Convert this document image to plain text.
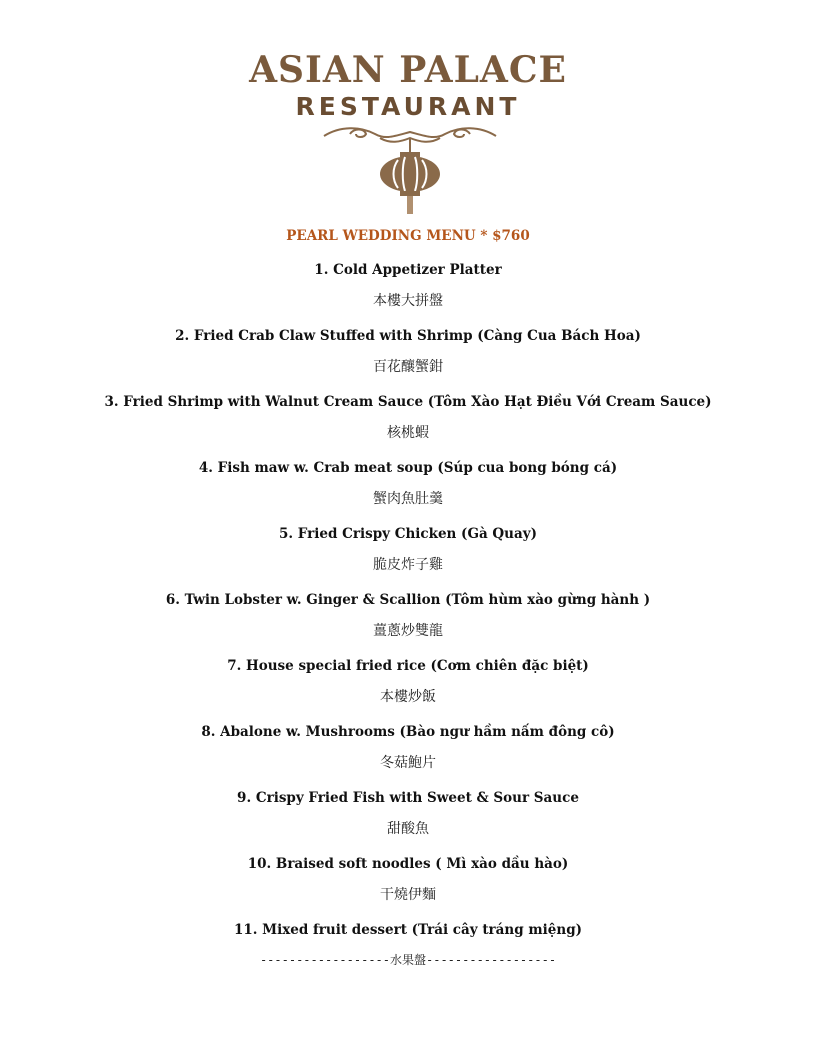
ASIAN PALACE
RESTAURANT
PEARL WEDDING MENU * $760
1. Cold Appetizer Platter
本樓大拼盤
2. Fried Crab Claw Stuffed with Shrimp (Càng Cua Bách Hoa)
百花釀蟹鉗
3. Fried Shrimp with Walnut Cream Sauce (Tôm Xào Hạt Điều Với Cream Sauce)
核桃蝦
4. Fish maw w. Crab meat soup (Súp cua bong bóng cá)
蟹肉魚肚羹
5. Fried Crispy Chicken (Gà Quay)
脆皮炸子雞
6. Twin Lobster w. Ginger & Scallion (Tôm hùm xào gừng hành )
薑蔥炒雙龍
7. House special fried rice (Cơm chiên đặc biệt)
本樓炒飯
8. Abalone w. Mushrooms (Bào ngư hầm nấm đông cô)
冬菇鮑片
9. Crispy Fried Fish with Sweet & Sour Sauce
甜酸魚
10. Braised soft noodles ( Mì xào dầu hào)
干燒伊麵
11. Mixed fruit dessert (Trái cây tráng miệng)
------------------水果盤------------------
